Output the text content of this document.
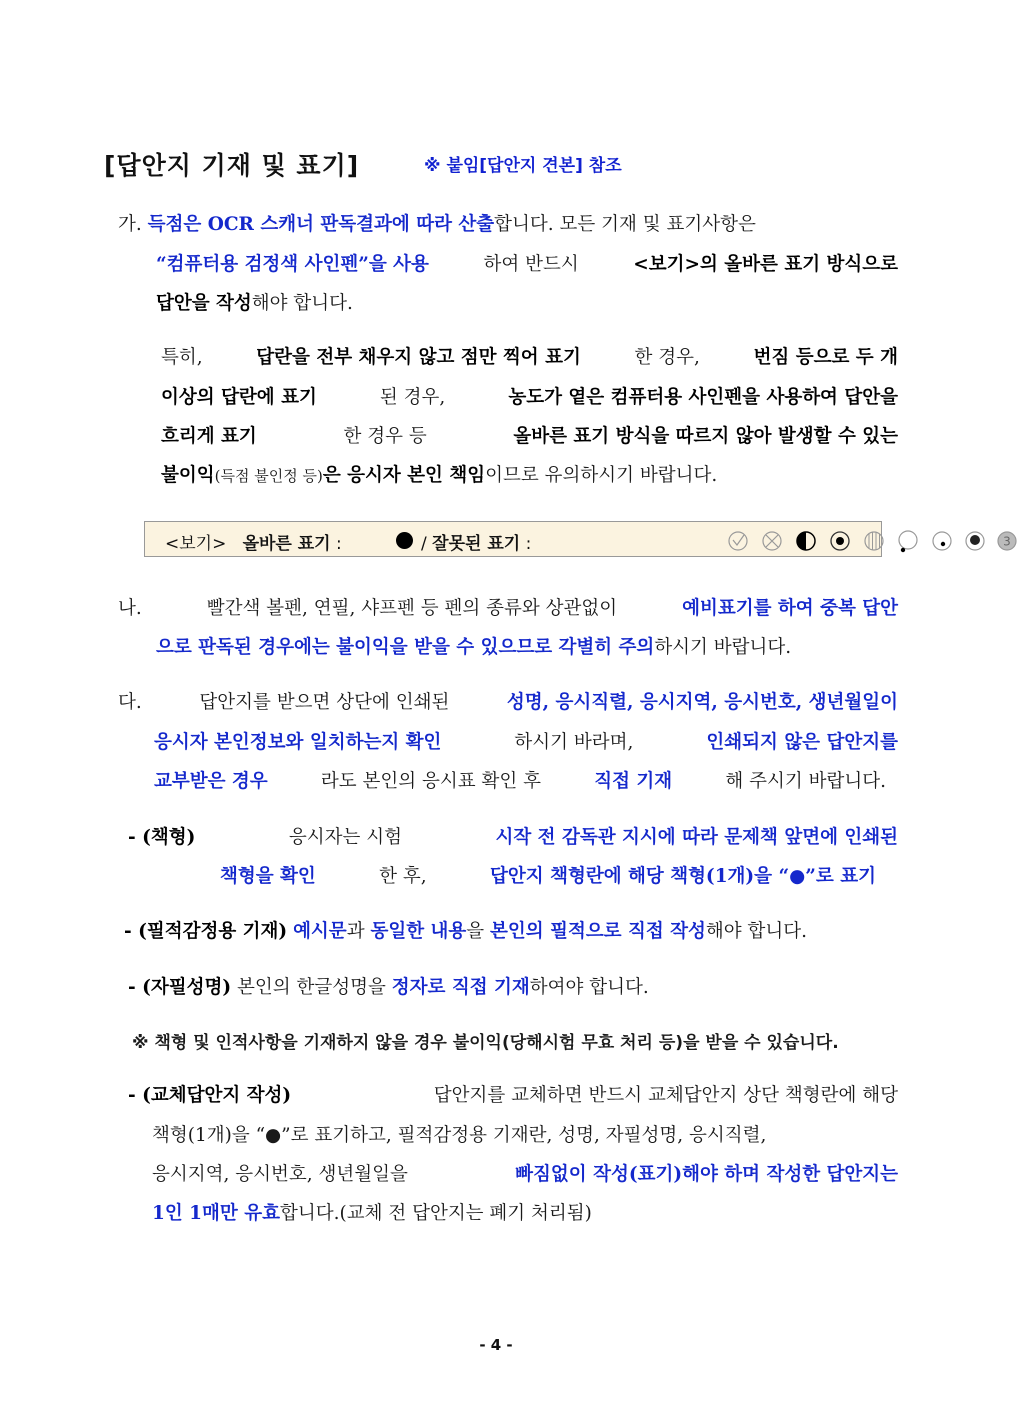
[답안지 기재 및 표기]	※ 붙임[답안지 견본] 참조
가. 득점은 OCR 스캐너 판독결과에 따라 산출합니다. 모든 기재 및 표기사항은
“컴퓨터용 검정색 사인펜”을 사용	하여 반드시	<보기>의 올바른 표기 방식으로
답안을 작성해야 합니다.
특히,	답란을 전부 채우지 않고 점만 찍어 표기	한 경우,	번짐 등으로 두 개
이상의 답란에 표기	된 경우,	농도가 옅은 컴퓨터용 사인펜을 사용하여 답안을
흐리게 표기	한 경우 등	올바른 표기 방식을 따르지 않아 발생할 수 있는
불이익(득점 불인정 등)은 응시자 본인 책임이므로 유의하시기 바랍니다.
<보기> 올바른 표기 :	/ 잘못된 표기 :	3
나.	빨간색 볼펜, 연필, 샤프펜 등 펜의 종류와 상관없이	예비표기를 하여 중복 답안
으로 판독된 경우에는 불이익을 받을 수 있으므로 각별히 주의하시기 바랍니다.
다.	답안지를 받으면 상단에 인쇄된	성명, 응시직렬, 응시지역, 응시번호, 생년월일이
응시자 본인정보와 일치하는지 확인	하시기 바라며,	인쇄되지 않은 답안지를
교부받은 경우	라도 본인의 응시표 확인 후	직접 기재	해 주시기 바랍니다.
- (책형)	응시자는 시험	시작 전 감독관 지시에 따라 문제책 앞면에 인쇄된
책형을 확인	한 후,	답안지 책형란에 해당 책형(1개)을 “●”로 표기
- (필적감정용 기재) 예시문과 동일한 내용을 본인의 필적으로 직접 작성해야 합니다.
- (자필성명) 본인의 한글성명을 정자로 직접 기재하여야 합니다.
※ 책형 및 인적사항을 기재하지 않을 경우 불이익(당해시험 무효 처리 등)을 받을 수 있습니다.
- (교체답안지 작성)	답안지를 교체하면 반드시 교체답안지 상단 책형란에 해당
책형(1개)을 “●”로 표기하고, 필적감정용 기재란, 성명, 자필성명, 응시직렬,
응시지역, 응시번호, 생년월일을	빠짐없이 작성(표기)해야 하며 작성한 답안지는
1인 1매만 유효합니다.(교체 전 답안지는 폐기 처리됨)
- 4 -
